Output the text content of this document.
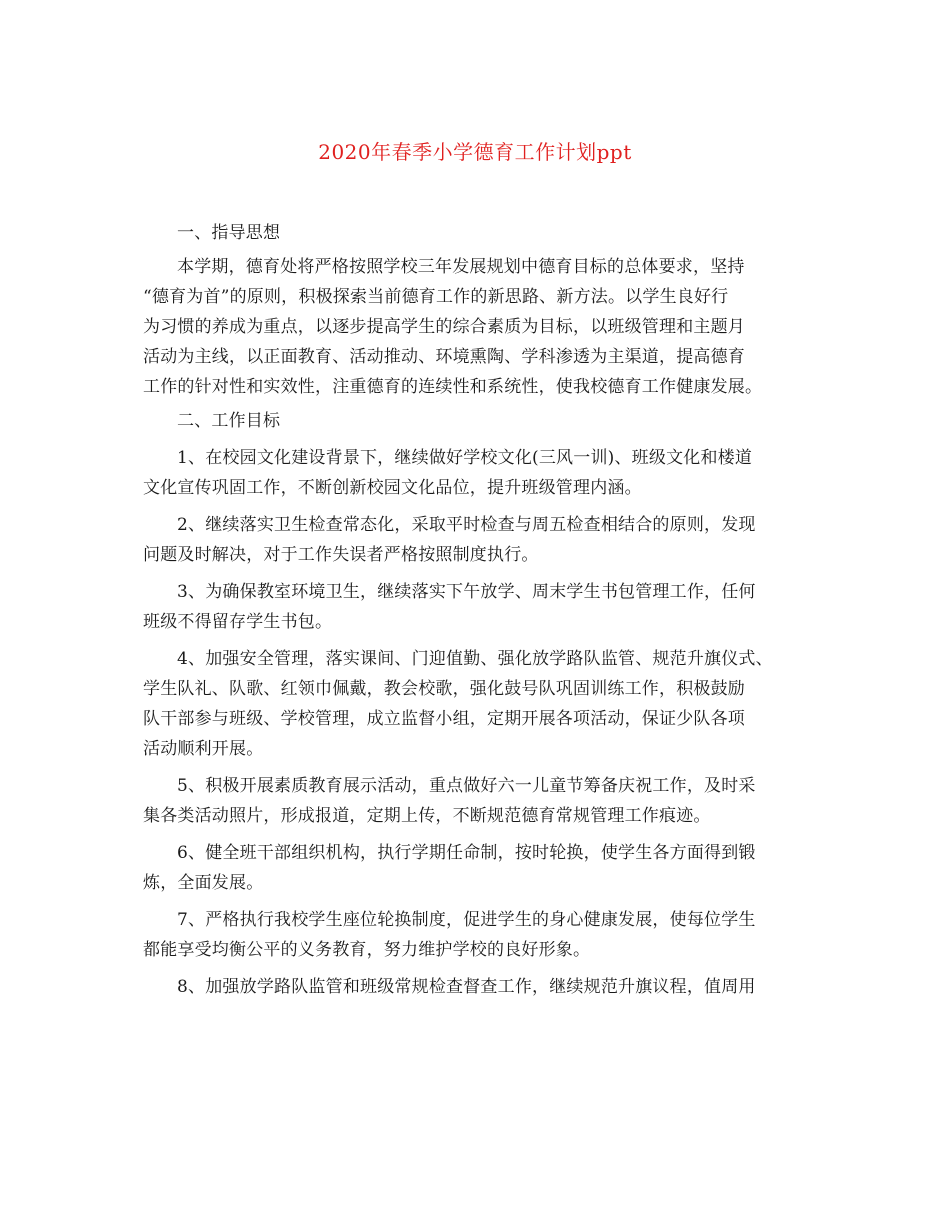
2020年春季小学德育工作计划ppt
一、指导思想
本学期，德育处将严格按照学校三年发展规划中德育目标的总体要求，坚持
“德育为首”的原则，积极探索当前德育工作的新思路、新方法。以学生良好行
为习惯的养成为重点，以逐步提高学生的综合素质为目标，以班级管理和主题月
活动为主线，以正面教育、活动推动、环境熏陶、学科渗透为主渠道，提高德育
工作的针对性和实效性，注重德育的连续性和系统性，使我校德育工作健康发展。
二、工作目标
1、在校园文化建设背景下，继续做好学校文化(三风一训)、班级文化和楼道
文化宣传巩固工作，不断创新校园文化品位，提升班级管理内涵。
2、继续落实卫生检查常态化，采取平时检查与周五检查相结合的原则，发现
问题及时解决，对于工作失误者严格按照制度执行。
3、为确保教室环境卫生，继续落实下午放学、周末学生书包管理工作，任何
班级不得留存学生书包。
4、加强安全管理，落实课间、门迎值勤、强化放学路队监管、规范升旗仪式、
学生队礼、队歌、红领巾佩戴，教会校歌，强化鼓号队巩固训练工作，积极鼓励
队干部参与班级、学校管理，成立监督小组，定期开展各项活动，保证少队各项
活动顺利开展。
5、积极开展素质教育展示活动，重点做好六一儿童节筹备庆祝工作，及时采
集各类活动照片，形成报道，定期上传，不断规范德育常规管理工作痕迹。
6、健全班干部组织机构，执行学期任命制，按时轮换，使学生各方面得到锻
炼，全面发展。
7、严格执行我校学生座位轮换制度，促进学生的身心健康发展，使每位学生
都能享受均衡公平的义务教育，努力维护学校的良好形象。
8、加强放学路队监管和班级常规检查督查工作，继续规范升旗议程，值周用
